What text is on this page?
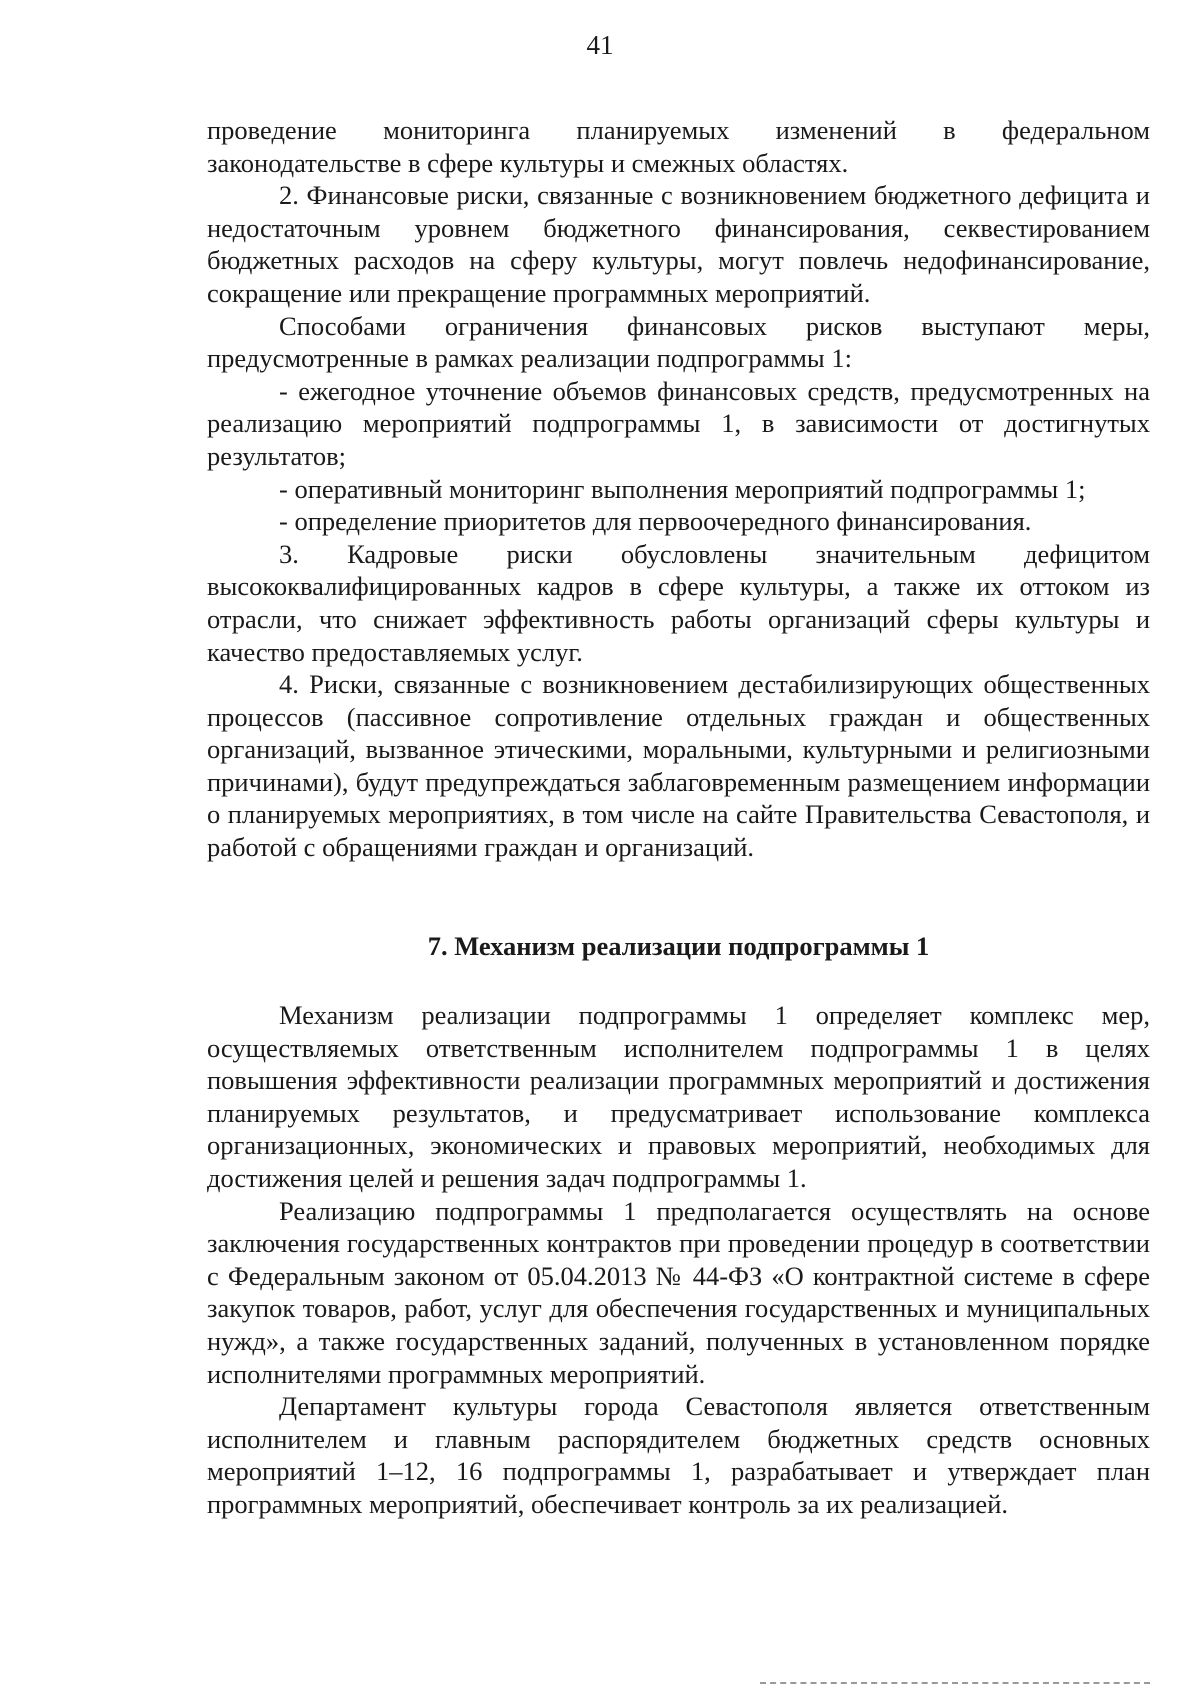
41

проведение мониторинга планируемых изменений в федеральном законодательстве в сфере культуры и смежных областях.

2. Финансовые риски, связанные с возникновением бюджетного дефицита и недостаточным уровнем бюджетного финансирования, секвестированием бюджетных расходов на сферу культуры, могут повлечь недофинансирование, сокращение или прекращение программных мероприятий.

Способами ограничения финансовых рисков выступают меры, предусмотренные в рамках реализации подпрограммы 1:

- ежегодное уточнение объемов финансовых средств, предусмотренных на реализацию мероприятий подпрограммы 1, в зависимости от достигнутых результатов;

- оперативный мониторинг выполнения мероприятий подпрограммы 1;

- определение приоритетов для первоочередного финансирования.

3. Кадровые риски обусловлены значительным дефицитом высококвалифицированных кадров в сфере культуры, а также их оттоком из отрасли, что снижает эффективность работы организаций сферы культуры и качество предоставляемых услуг.

4. Риски, связанные с возникновением дестабилизирующих общественных процессов (пассивное сопротивление отдельных граждан и общественных организаций, вызванное этическими, моральными, культурными и религиозными причинами), будут предупреждаться заблаговременным размещением информации о планируемых мероприятиях, в том числе на сайте Правительства Севастополя, и работой с обращениями граждан и организаций.

7. Механизм реализации подпрограммы 1

Механизм реализации подпрограммы 1 определяет комплекс мер, осуществляемых ответственным исполнителем подпрограммы 1 в целях повышения эффективности реализации программных мероприятий и достижения планируемых результатов, и предусматривает использование комплекса организационных, экономических и правовых мероприятий, необходимых для достижения целей и решения задач подпрограммы 1.

Реализацию подпрограммы 1 предполагается осуществлять на основе заключения государственных контрактов при проведении процедур в соответствии с Федеральным законом от 05.04.2013 № 44-ФЗ «О контрактной системе в сфере закупок товаров, работ, услуг для обеспечения государственных и муниципальных нужд», а также государственных заданий, полученных в установленном порядке исполнителями программных мероприятий.

Департамент культуры города Севастополя является ответственным исполнителем и главным распорядителем бюджетных средств основных мероприятий 1–12, 16 подпрограммы 1, разрабатывает и утверждает план программных мероприятий, обеспечивает контроль за их реализацией.
